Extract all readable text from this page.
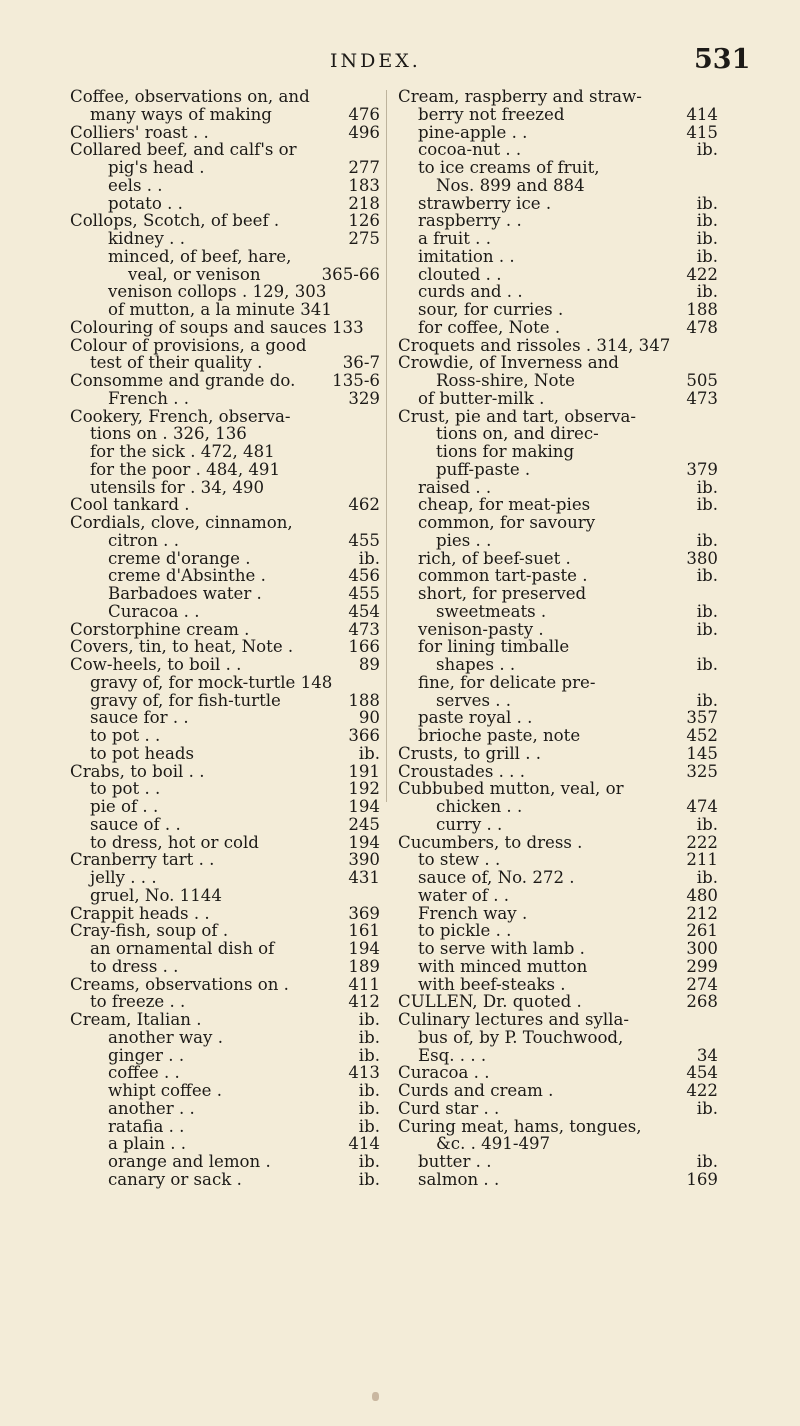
INDEX.	531
Coffee, observations on, and
many ways of making	476
Colliers' roast . .	496
Collared beef, and calf's or
pig's head .	277
eels . .	183
potato . .	218
Collops, Scotch, of beef .	126
kidney . .	275
minced, of beef, hare,
veal, or venison	365-66
venison collops . 129, 303
of mutton, a la minute 341
Colouring of soups and sauces 133
Colour of provisions, a good
test of their quality .	36-7
Consomme and grande do. 135-6
French . .	329
Cookery, French, observa-
tions on . 326, 136
for the sick . 472, 481
for the poor . 484, 491
utensils for . 34, 490
Cool tankard .	462
Cordials, clove, cinnamon,
citron . .	455
creme d'orange .	ib.
creme d'Absinthe .	456
Barbadoes water .	455
Curacoa . .	454
Corstorphine cream .	473
Covers, tin, to heat, Note .	166
Cow-heels, to boil . .	89
gravy of, for mock-turtle 148
gravy of, for fish-turtle	188
sauce for . .	90
to pot . .	366
to pot heads	ib.
Crabs, to boil . .	191
to pot . .	192
pie of . .	194
sauce of . .	245
to dress, hot or cold	194
Cranberry tart . .	390
jelly . . .	431
gruel, No. 1144
Crappit heads . .	369
Cray-fish, soup of .	161
an ornamental dish of	194
to dress . .	189
Creams, observations on .	411
to freeze . .	412
Cream, Italian .	ib.
another way .	ib.
ginger . .	ib.
coffee . .	413
whipt coffee .	ib.
another . .	ib.
ratafia . .	ib.
a plain . .	414
orange and lemon .	ib.
canary or sack .	ib.
Cream, raspberry and straw-
berry not freezed	414
pine-apple . .	415
cocoa-nut . .	ib.
to ice creams of fruit,
Nos. 899 and 884
strawberry ice .	ib.
raspberry . .	ib.
a fruit . .	ib.
imitation . .	ib.
clouted . .	422
curds and . .	ib.
sour, for curries .	188
for coffee, Note .	478
Croquets and rissoles . 314, 347
Crowdie, of Inverness and
Ross-shire, Note	505
of butter-milk .	473
Crust, pie and tart, observa-
tions on, and direc-
tions for making
puff-paste .	379
raised . .	ib.
cheap, for meat-pies	ib.
common, for savoury
pies . .	ib.
rich, of beef-suet .	380
common tart-paste .	ib.
short, for preserved
sweetmeats .	ib.
venison-pasty .	ib.
for lining timballe
shapes . .	ib.
fine, for delicate pre-
serves . .	ib.
paste royal . .	357
brioche paste, note	452
Crusts, to grill . .	145
Croustades . . .	325
Cubbubed mutton, veal, or
chicken . .	474
curry . .	ib.
Cucumbers, to dress .	222
to stew . .	211
sauce of, No. 272 .	ib.
water of . .	480
French way .	212
to pickle . .	261
to serve with lamb .	300
with minced mutton	299
with beef-steaks .	274
CULLEN, Dr. quoted .	268
Culinary lectures and sylla-
bus of, by P. Touchwood,
Esq. . . .	34
Curacoa . .	454
Curds and cream .	422
Curd star . .	ib.
Curing meat, hams, tongues,
&c. . 491-497
butter . .	ib.
salmon . .	169
